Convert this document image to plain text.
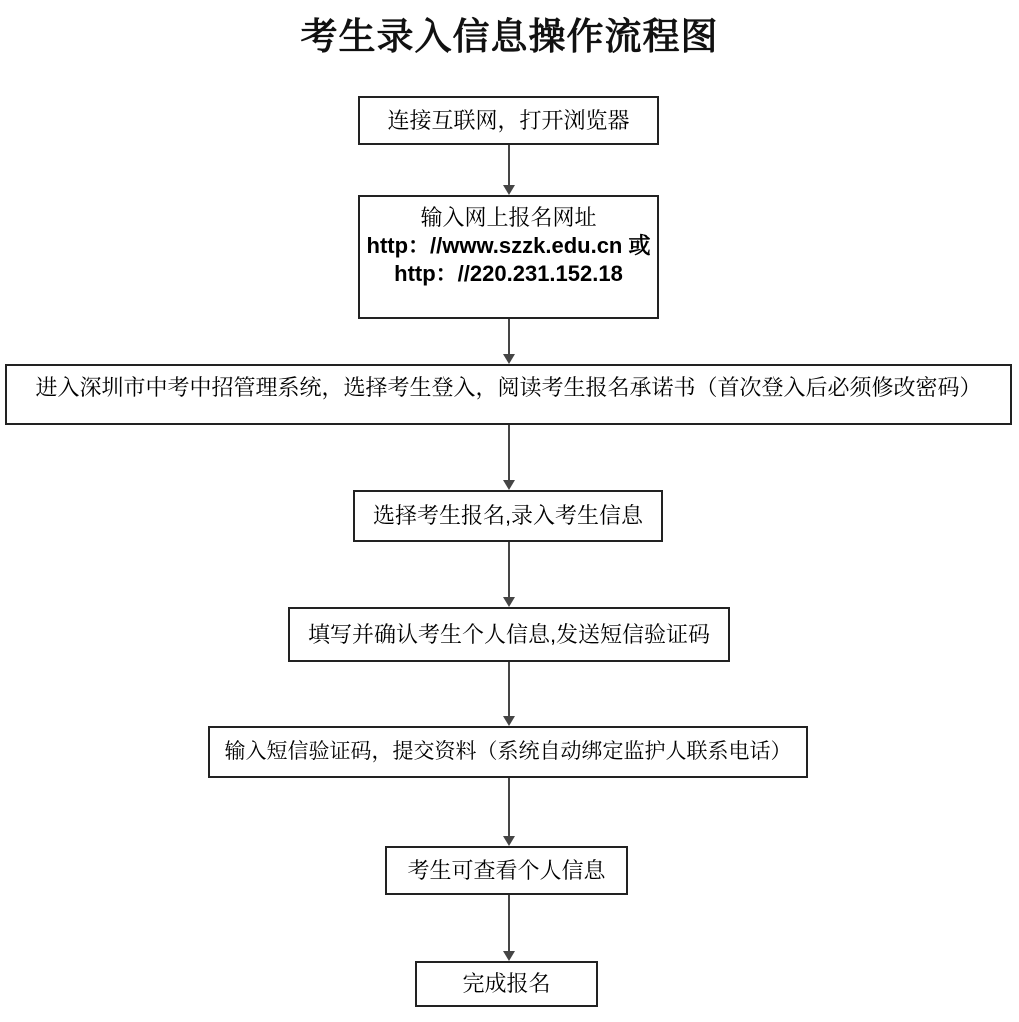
考生录入信息操作流程图
连接互联网，打开浏览器
输入网上报名网址
http：//www.szzk.edu.cn 或
http：//220.231.152.18
进入深圳市中考中招管理系统，选择考生登入，阅读考生报名承诺书（首次登入后必须修改密码）
选择考生报名,录入考生信息
填写并确认考生个人信息,发送短信验证码
输入短信验证码，提交资料（系统自动绑定监护人联系电话）
考生可查看个人信息
完成报名
